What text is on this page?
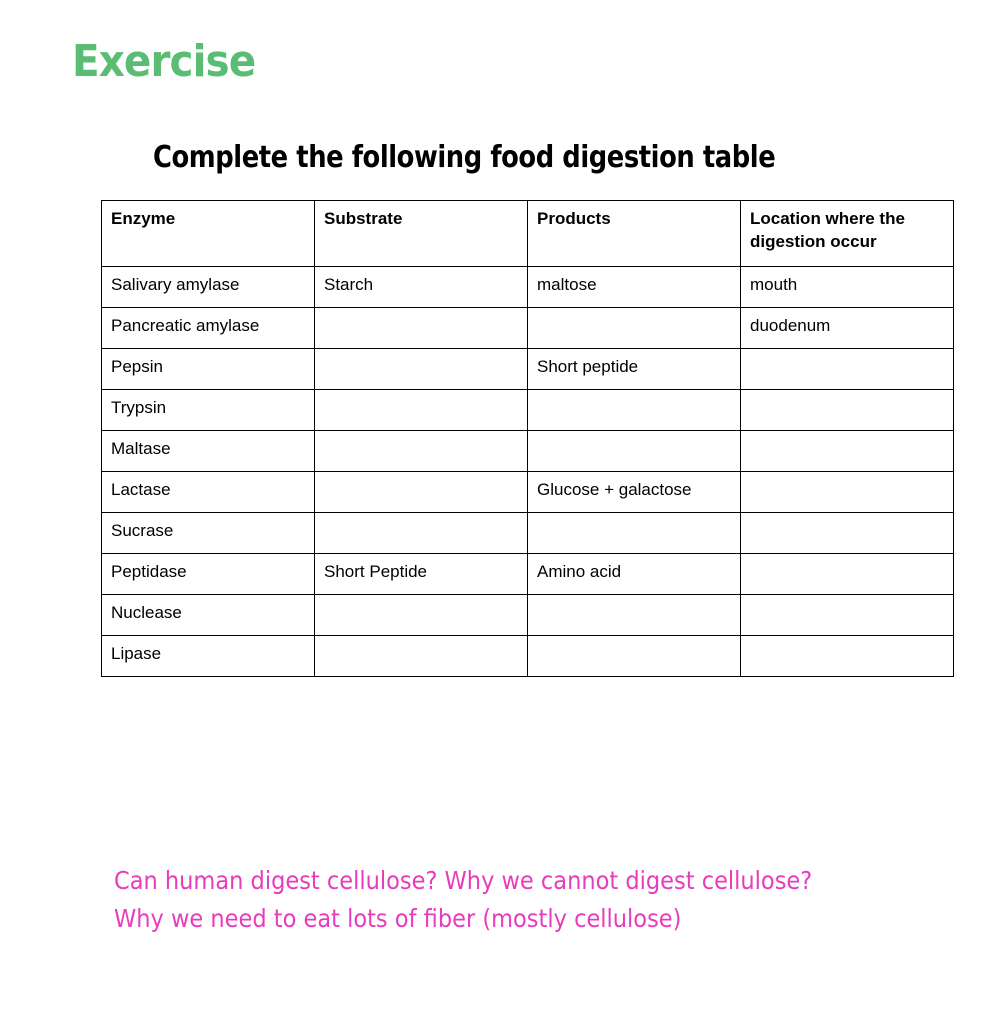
Exercise
Complete the following food digestion table
Enzyme	Substrate	Products	Location where the digestion occur
Salivary amylase	Starch	maltose	mouth
Pancreatic amylase			duodenum
Pepsin		Short peptide	
Trypsin			
Maltase			
Lactase		Glucose + galactose	
Sucrase			
Peptidase	Short Peptide	Amino acid	
Nuclease			
Lipase			
Can human digest cellulose? Why we cannot digest cellulose?
Why we need to eat lots of fiber (mostly cellulose)
